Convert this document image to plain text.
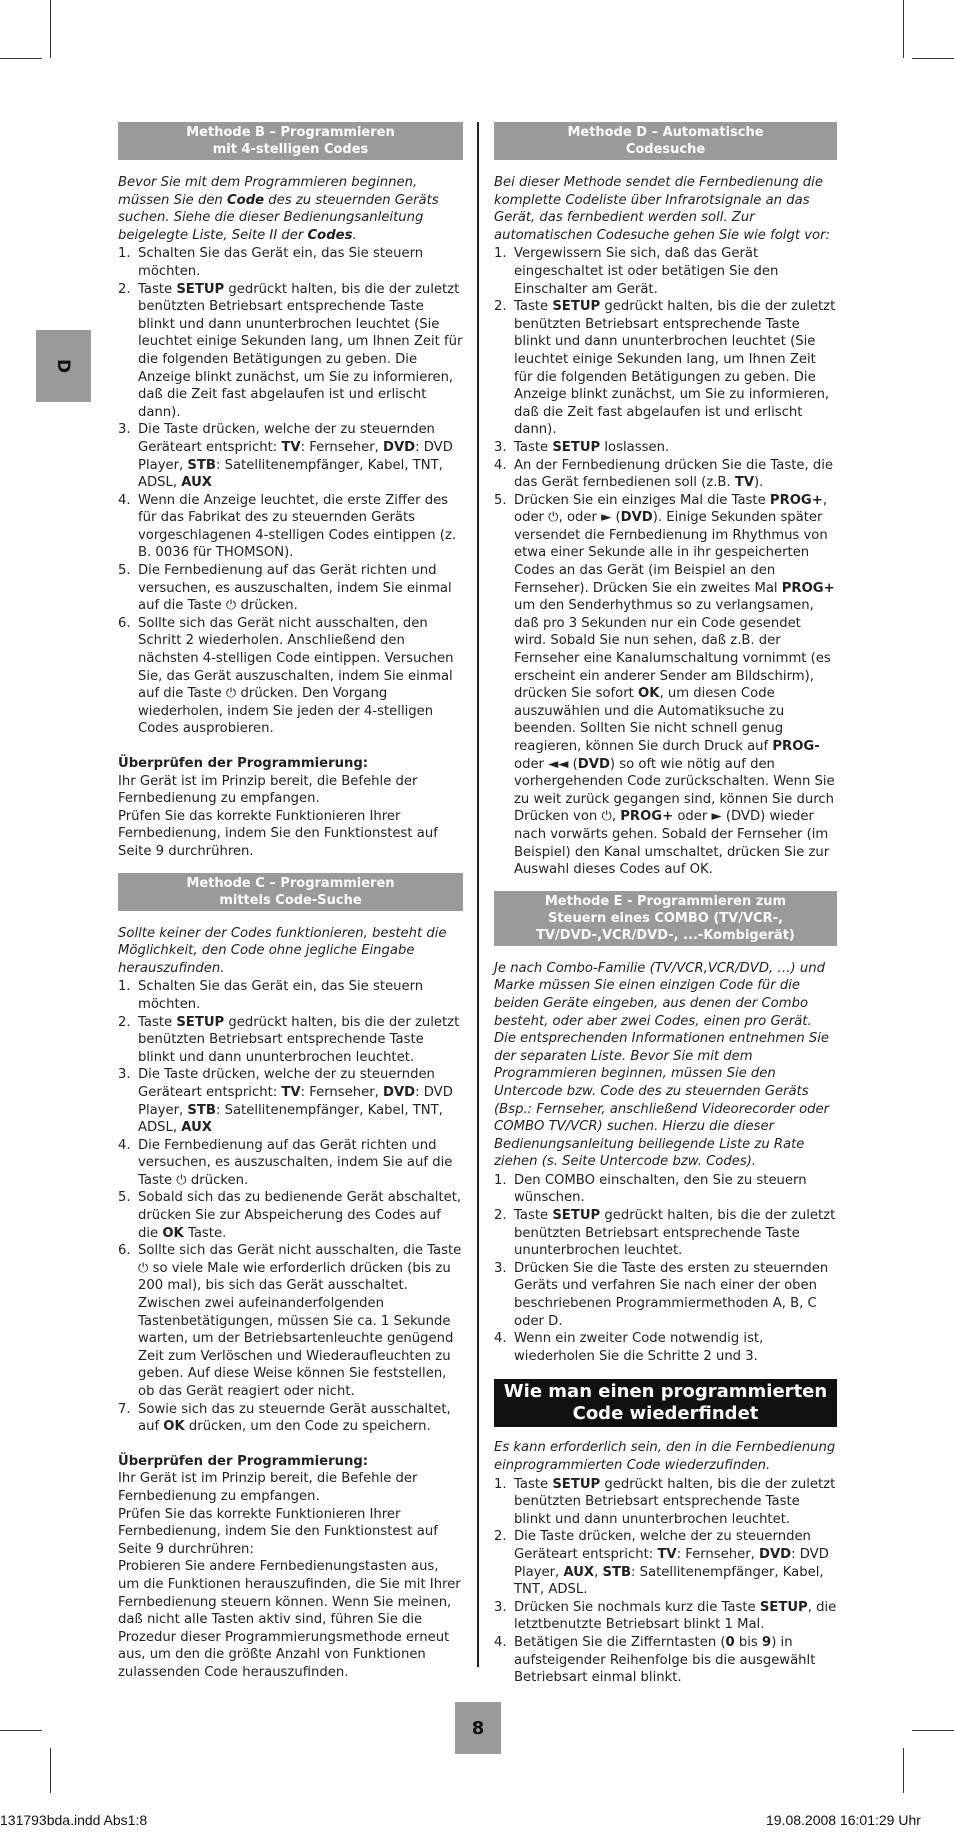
D
Methode B – Programmieren
mit 4-stelligen Codes
Bevor Sie mit dem Programmieren beginnen, müssen Sie den Code des zu steuernden Geräts suchen. Siehe die dieser Bedienungsanleitung beigelegte Liste, Seite II der Codes.
1. Schalten Sie das Gerät ein, das Sie steuern möchten.
2. Taste SETUP gedrückt halten, bis die der zuletzt benützten Betriebsart entsprechende Taste blinkt und dann ununterbrochen leuchtet (Sie leuchtet einige Sekunden lang, um Ihnen Zeit für die folgenden Betätigungen zu geben. Die Anzeige blinkt zunächst, um Sie zu informieren, daß die Zeit fast abgelaufen ist und erlischt dann).
3. Die Taste drücken, welche der zu steuernden Geräteart entspricht: TV: Fernseher, DVD: DVD Player, STB: Satellitenempfänger, Kabel, TNT, ADSL, AUX
4. Wenn die Anzeige leuchtet, die erste Ziffer des für das Fabrikat des zu steuernden Geräts vorgeschlagenen 4-stelligen Codes eintippen (z. B. 0036 für THOMSON).
5. Die Fernbedienung auf das Gerät richten und versuchen, es auszuschalten, indem Sie einmal auf die Taste ⏻ drücken.
6. Sollte sich das Gerät nicht ausschalten, den Schritt 2 wiederholen. Anschließend den nächsten 4-stelligen Code eintippen. Versuchen Sie, das Gerät auszuschalten, indem Sie einmal auf die Taste ⏻ drücken. Den Vorgang wiederholen, indem Sie jeden der 4-stelligen Codes ausprobieren.
Überprüfen der Programmierung:
Ihr Gerät ist im Prinzip bereit, die Befehle der Fernbedienung zu empfangen.
Prüfen Sie das korrekte Funktionieren Ihrer Fernbedienung, indem Sie den Funktionstest auf Seite 9 durchrühren.
Methode C – Programmieren
mittels Code-Suche
Sollte keiner der Codes funktionieren, besteht die Möglichkeit, den Code ohne jegliche Eingabe herauszufinden.
1. Schalten Sie das Gerät ein, das Sie steuern möchten.
2. Taste SETUP gedrückt halten, bis die der zuletzt benützten Betriebsart entsprechende Taste blinkt und dann ununterbrochen leuchtet.
3. Die Taste drücken, welche der zu steuernden Geräteart entspricht: TV: Fernseher, DVD: DVD Player, STB: Satellitenempfänger, Kabel, TNT, ADSL, AUX
4. Die Fernbedienung auf das Gerät richten und versuchen, es auszuschalten, indem Sie auf die Taste ⏻ drücken.
5. Sobald sich das zu bedienende Gerät abschaltet, drücken Sie zur Abspeicherung des Codes auf die OK Taste.
6. Sollte sich das Gerät nicht ausschalten, die Taste ⏻ so viele Male wie erforderlich drücken (bis zu 200 mal), bis sich das Gerät ausschaltet. Zwischen zwei aufeinanderfolgenden Tastenbetätigungen, müssen Sie ca. 1 Sekunde warten, um der Betriebsartenleuchte genügend Zeit zum Verlöschen und Wiederaufleuchten zu geben. Auf diese Weise können Sie feststellen, ob das Gerät reagiert oder nicht.
7. Sowie sich das zu steuernde Gerät ausschaltet, auf OK drücken, um den Code zu speichern.
Überprüfen der Programmierung:
Ihr Gerät ist im Prinzip bereit, die Befehle der Fernbedienung zu empfangen.
Prüfen Sie das korrekte Funktionieren Ihrer Fernbedienung, indem Sie den Funktionstest auf Seite 9 durchrühren:
Probieren Sie andere Fernbedienungstasten aus, um die Funktionen herauszufinden, die Sie mit Ihrer Fernbedienung steuern können. Wenn Sie meinen, daß nicht alle Tasten aktiv sind, führen Sie die Prozedur dieser Programmierungsmethode erneut aus, um den die größte Anzahl von Funktionen zulassenden Code herauszufinden.
Methode D – Automatische
Codesuche
Bei dieser Methode sendet die Fernbedienung die komplette Codeliste über Infrarotsignale an das Gerät, das fernbedient werden soll. Zur automatischen Codesuche gehen Sie wie folgt vor:
1. Vergewissern Sie sich, daß das Gerät eingeschaltet ist oder betätigen Sie den Einschalter am Gerät.
2. Taste SETUP gedrückt halten, bis die der zuletzt benützten Betriebsart entsprechende Taste blinkt und dann ununterbrochen leuchtet (Sie leuchtet einige Sekunden lang, um Ihnen Zeit für die folgenden Betätigungen zu geben. Die Anzeige blinkt zunächst, um Sie zu informieren, daß die Zeit fast abgelaufen ist und erlischt dann).
3. Taste SETUP loslassen.
4. An der Fernbedienung drücken Sie die Taste, die das Gerät fernbedienen soll (z.B. TV).
5. Drücken Sie ein einziges Mal die Taste PROG+, oder ⏻, oder ► (DVD). Einige Sekunden später versendet die Fernbedienung im Rhythmus von etwa einer Sekunde alle in ihr gespeicherten Codes an das Gerät (im Beispiel an den Fernseher). Drücken Sie ein zweites Mal PROG+ um den Senderhythmus so zu verlangsamen, daß pro 3 Sekunden nur ein Code gesendet wird. Sobald Sie nun sehen, daß z.B. der Fernseher eine Kanalumschaltung vornimmt (es erscheint ein anderer Sender am Bildschirm), drücken Sie sofort OK, um diesen Code auszuwählen und die Automatiksuche zu beenden. Sollten Sie nicht schnell genug reagieren, können Sie durch Druck auf PROG- oder ◄◄ (DVD) so oft wie nötig auf den vorhergehenden Code zurückschalten. Wenn Sie zu weit zurück gegangen sind, können Sie durch Drücken von ⏻, PROG+ oder ► (DVD) wieder nach vorwärts gehen. Sobald der Fernseher (im Beispiel) den Kanal umschaltet, drücken Sie zur Auswahl dieses Codes auf OK.
Methode E - Programmieren zum
Steuern eines COMBO (TV/VCR-,
TV/DVD-,VCR/DVD-, ...-Kombigerät)
Je nach Combo-Familie (TV/VCR,VCR/DVD, …) und Marke müssen Sie einen einzigen Code für die beiden Geräte eingeben, aus denen der Combo besteht, oder aber zwei Codes, einen pro Gerät. Die entsprechenden Informationen entnehmen Sie der separaten Liste. Bevor Sie mit dem Programmieren beginnen, müssen Sie den Untercode bzw. Code des zu steuernden Geräts (Bsp.: Fernseher, anschließend Videorecorder oder COMBO TV/VCR) suchen. Hierzu die dieser Bedienungsanleitung beiliegende Liste zu Rate ziehen (s. Seite Untercode bzw. Codes).
1. Den COMBO einschalten, den Sie zu steuern wünschen.
2. Taste SETUP gedrückt halten, bis die der zuletzt benützten Betriebsart entsprechende Taste ununterbrochen leuchtet.
3. Drücken Sie die Taste des ersten zu steuernden Geräts und verfahren Sie nach einer der oben beschriebenen Programmiermethoden A, B, C oder D.
4. Wenn ein zweiter Code notwendig ist, wiederholen Sie die Schritte 2 und 3.
Wie man einen programmierten
Code wiederfindet
Es kann erforderlich sein, den in die Fernbedienung einprogrammierten Code wiederzufinden.
1. Taste SETUP gedrückt halten, bis die der zuletzt benützten Betriebsart entsprechende Taste blinkt und dann ununterbrochen leuchtet.
2. Die Taste drücken, welche der zu steuernden Geräteart entspricht: TV: Fernseher, DVD: DVD Player, AUX, STB: Satellitenempfänger, Kabel, TNT, ADSL.
3. Drücken Sie nochmals kurz die Taste SETUP, die letztbenutzte Betriebsart blinkt 1 Mal.
4. Betätigen Sie die Zifferntasten (0 bis 9) in aufsteigender Reihenfolge bis die ausgewählt Betriebsart einmal blinkt.
8
131793bda.indd Abs1:8	19.08.2008 16:01:29 Uhr
